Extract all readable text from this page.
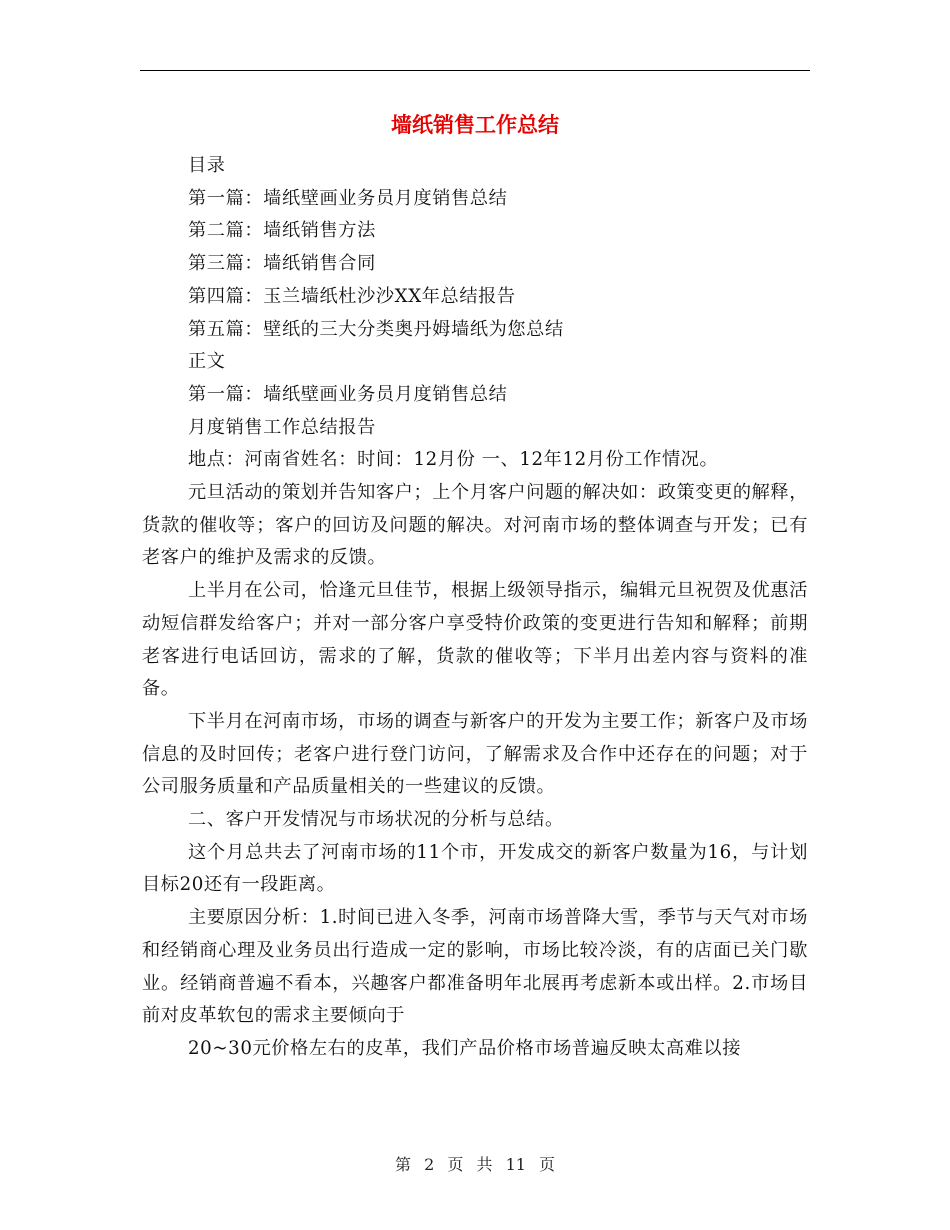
墙纸销售工作总结

目录

第一篇：墙纸壁画业务员月度销售总结

第二篇：墙纸销售方法

第三篇：墙纸销售合同

第四篇：玉兰墙纸杜沙沙XX年总结报告

第五篇：壁纸的三大分类奥丹姆墙纸为您总结

正文

第一篇：墙纸壁画业务员月度销售总结

月度销售工作总结报告

地点：河南省姓名：时间：12月份 一、12年12月份工作情况。

元旦活动的策划并告知客户；上个月客户问题的解决如：政策变更的解释，货款的催收等；客户的回访及问题的解决。对河南市场的整体调查与开发；已有老客户的维护及需求的反馈。

上半月在公司，恰逢元旦佳节，根据上级领导指示，编辑元旦祝贺及优惠活动短信群发给客户；并对一部分客户享受特价政策的变更进行告知和解释；前期老客进行电话回访，需求的了解，货款的催收等；下半月出差内容与资料的准备。

下半月在河南市场，市场的调查与新客户的开发为主要工作；新客户及市场信息的及时回传；老客户进行登门访问，了解需求及合作中还存在的问题；对于公司服务质量和产品质量相关的一些建议的反馈。

二、客户开发情况与市场状况的分析与总结。

这个月总共去了河南市场的11个市，开发成交的新客户数量为16，与计划目标20还有一段距离。

主要原因分析：1.时间已进入冬季，河南市场普降大雪，季节与天气对市场和经销商心理及业务员出行造成一定的影响，市场比较冷淡，有的店面已关门歇业。经销商普遍不看本，兴趣客户都准备明年北展再考虑新本或出样。2.市场目前对皮革软包的需求主要倾向于

20~30元价格左右的皮革，我们产品价格市场普遍反映太高难以接

第 2 页 共 11 页
